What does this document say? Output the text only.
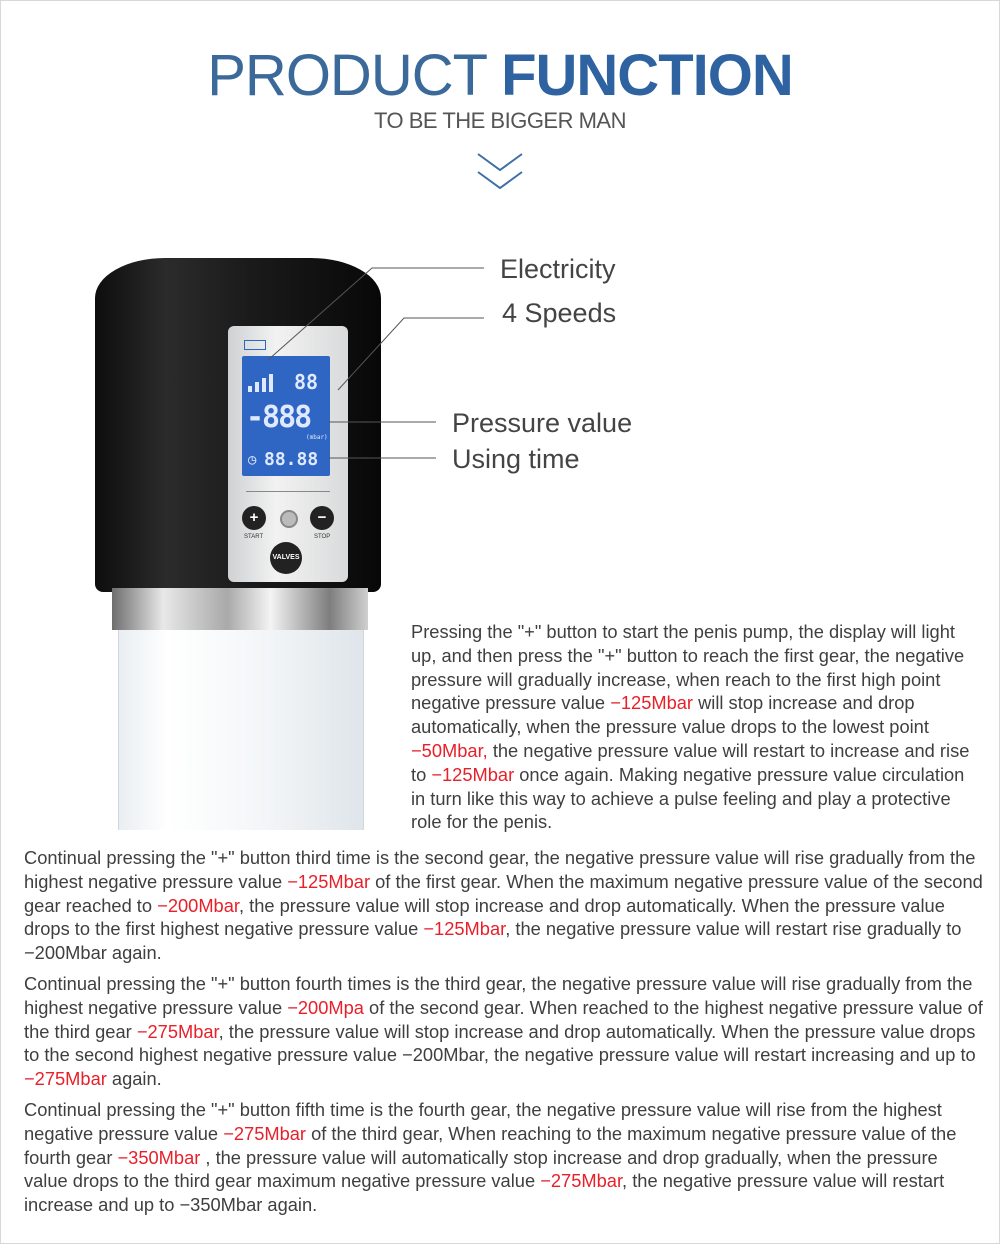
PRODUCT FUNCTION
TO BE THE BIGGER MAN
88
-888
(mbar)
◷ 88.88
+	−
START	STOP
VALVES
Electricity
4 Speeds
Pressure value
Using time

Pressing the "+" button to start the penis pump, the display will light up, and then press the "+" button to reach the first gear, the negative pressure will gradually increase, when reach to the first high point negative pressure value −125Mbar will stop increase and drop automatically, when the pressure value drops to the lowest point −50Mbar, the negative pressure value will restart to increase and rise to −125Mbar once again. Making negative pressure value circulation in turn like this way to achieve a pulse feeling and play a protective role for the penis.

Continual pressing the "+" button third time is the second gear, the negative pressure value will rise gradually from the highest negative pressure value −125Mbar of the first gear. When the maximum negative pressure value of the second gear reached to −200Mbar, the pressure value will stop increase and drop automatically. When the pressure value drops to the first highest negative pressure value −125Mbar, the negative pressure value will restart rise gradually to −200Mbar again.

Continual pressing the "+" button fourth times is the third gear, the negative pressure value will rise gradually from the highest negative pressure value −200Mpa of the second gear. When reached to the highest negative pressure value of the third gear −275Mbar, the pressure value will stop increase and drop automatically. When the pressure value drops to the second highest negative pressure value −200Mbar, the negative pressure value will restart increasing and up to −275Mbar again.

Continual pressing the "+" button fifth time is the fourth gear, the negative pressure value will rise from the highest negative pressure value −275Mbar of the third gear, When reaching to the maximum negative pressure value of the fourth gear −350Mbar , the pressure value will automatically stop increase and drop gradually, when the pressure value drops to the third gear maximum negative pressure value −275Mbar, the negative pressure value will restart increase and up to −350Mbar again.
